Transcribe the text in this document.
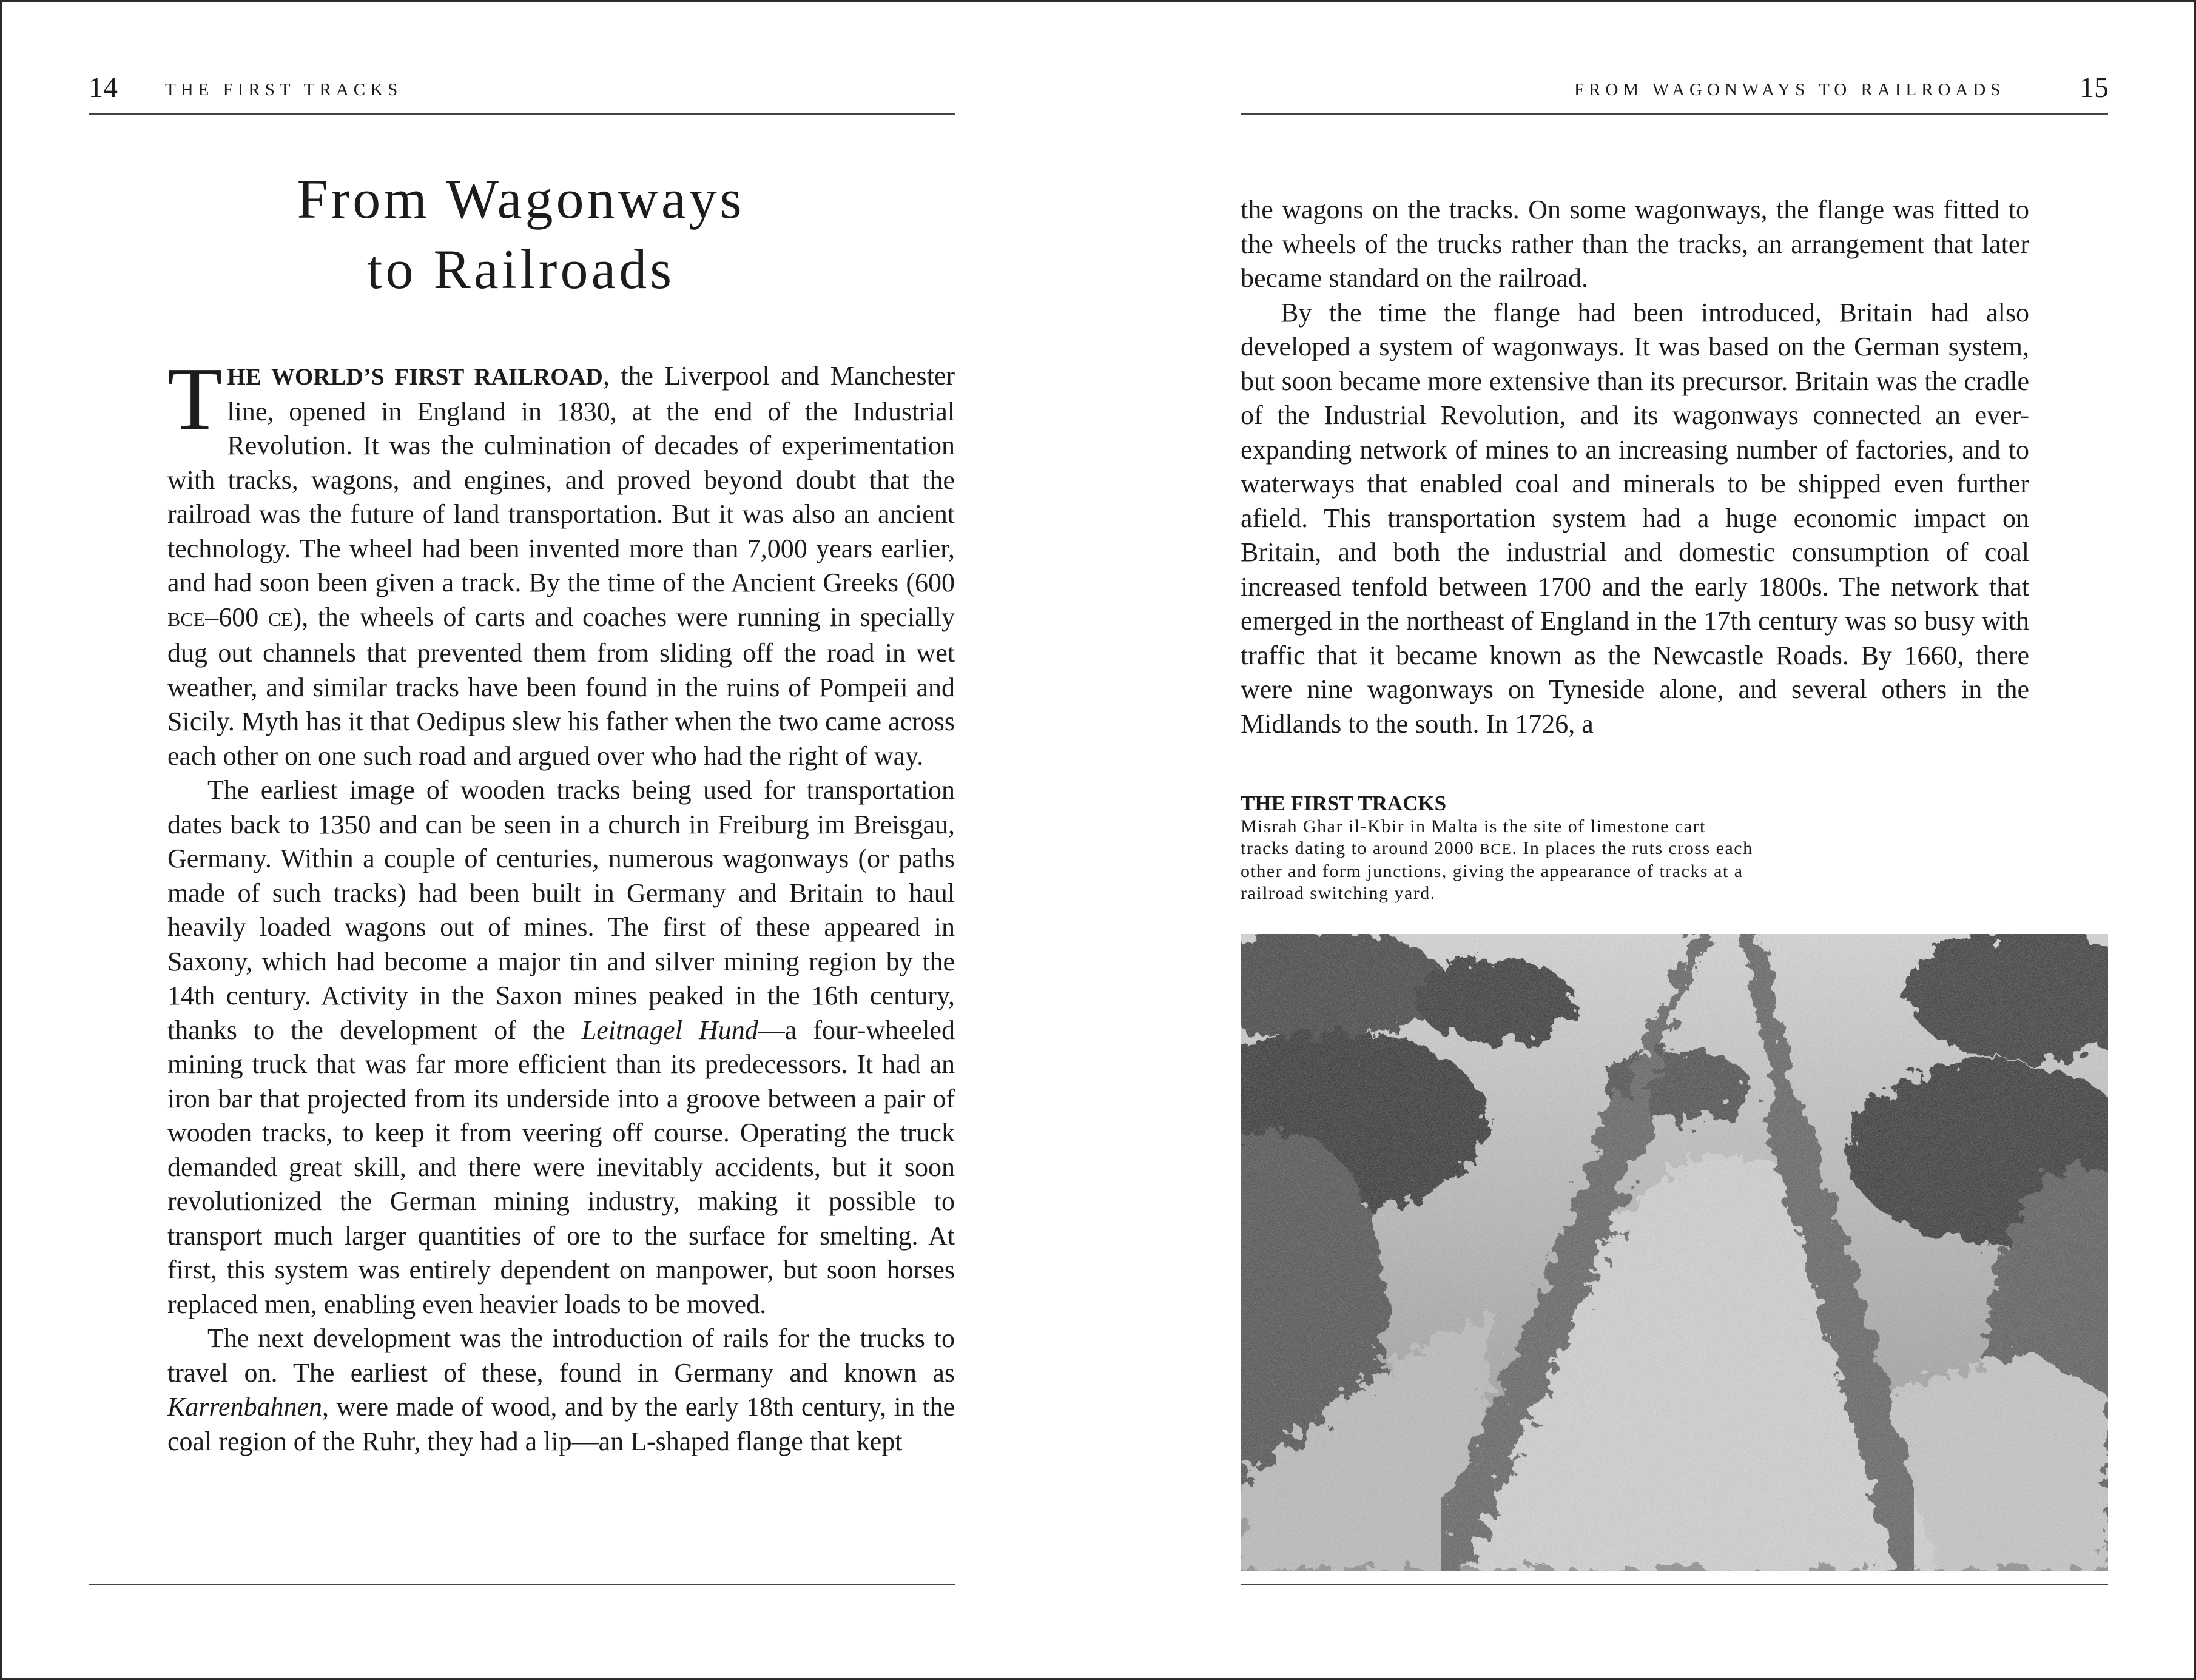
14	THE FIRST TRACKS
From Wagonways
to Railroads

THE WORLD’S FIRST RAILROAD, the Liverpool and Manchester line, opened in England in 1830, at the end of the Industrial Revolution. It was the culmination of decades of experimentation with tracks, wagons, and engines, and proved beyond doubt that the railroad was the future of land transportation. But it was also an ancient technology. The wheel had been invented more than 7,000 years earlier, and had soon been given a track. By the time of the Ancient Greeks (600 BCE–600 CE), the wheels of carts and coaches were running in specially dug out channels that prevented them from sliding off the road in wet weather, and similar tracks have been found in the ruins of Pompeii and Sicily. Myth has it that Oedipus slew his father when the two came across each other on one such road and argued over who had the right of way.

The earliest image of wooden tracks being used for transportation dates back to 1350 and can be seen in a church in Freiburg im Breisgau, Germany. Within a couple of centuries, numerous wagonways (or paths made of such tracks) had been built in Germany and Britain to haul heavily loaded wagons out of mines. The first of these appeared in Saxony, which had become a major tin and silver mining region by the 14th century. Activity in the Saxon mines peaked in the 16th century, thanks to the development of the Leitnagel Hund—a four-wheeled mining truck that was far more efficient than its predecessors. It had an iron bar that projected from its underside into a groove between a pair of wooden tracks, to keep it from veering off course. Operating the truck demanded great skill, and there were inevitably accidents, but it soon revolutionized the German mining industry, making it possible to transport much larger quantities of ore to the surface for smelting. At first, this system was entirely dependent on manpower, but soon horses replaced men, enabling even heavier loads to be moved.

The next development was the introduction of rails for the trucks to travel on. The earliest of these, found in Germany and known as Karrenbahnen, were made of wood, and by the early 18th century, in the coal region of the Ruhr, they had a lip—an L-shaped flange that kept

FROM WAGONWAYS TO RAILROADS	15

the wagons on the tracks. On some wagonways, the flange was fitted to the wheels of the trucks rather than the tracks, an arrangement that later became standard on the railroad.

By the time the flange had been introduced, Britain had also developed a system of wagonways. It was based on the German system, but soon became more extensive than its precursor. Britain was the cradle of the Industrial Revolution, and its wagonways connected an ever-expanding network of mines to an increasing number of factories, and to waterways that enabled coal and minerals to be shipped even further afield. This transportation system had a huge economic impact on Britain, and both the industrial and domestic consumption of coal increased tenfold between 1700 and the early 1800s. The network that emerged in the northeast of England in the 17th century was so busy with traffic that it became known as the Newcastle Roads. By 1660, there were nine wagonways on Tyneside alone, and several others in the Midlands to the south. In 1726, a

THE FIRST TRACKS
Misrah Ghar il-Kbir in Malta is the site of limestone cart tracks dating to around 2000 BCE. In places the ruts cross each other and form junctions, giving the appearance of tracks at a railroad switching yard.
